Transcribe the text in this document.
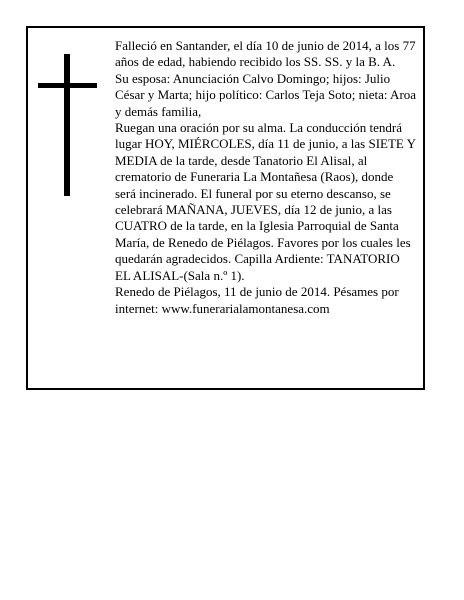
Falleció en Santander, el día 10 de junio de 2014, a los 77 años de edad, habiendo recibido los SS. SS. y la B. A.

Su esposa: Anunciación Calvo Domingo; hijos: Julio César y Marta; hijo político: Carlos Teja Soto; nieta: Aroa y demás familia,

Ruegan una oración por su alma. La conducción tendrá lugar HOY, MIÉRCOLES, día 11 de junio, a las SIETE Y MEDIA de la tarde, desde Tanatorio El Alisal, al crematorio de Funeraria La Montañesa (Raos), donde será incinerado. El funeral por su eterno descanso, se celebrará MAÑANA, JUEVES, día 12 de junio, a las CUATRO de la tarde, en la Iglesia Parroquial de Santa María, de Renedo de Piélagos. Favores por los cuales les quedarán agradecidos. Capilla Ardiente: TANATORIO EL ALISAL-(Sala n.º 1).

Renedo de Piélagos, 11 de junio de 2014. Pésames por internet: www.funerarialamontanesa.com
